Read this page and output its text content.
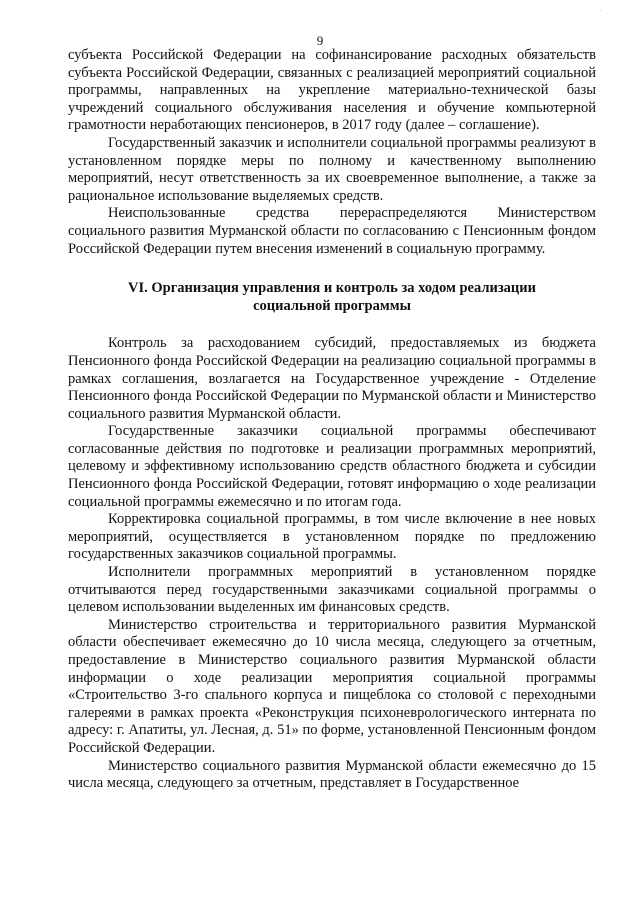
·
9

субъекта Российской Федерации на софинансирование расходных обязательств субъекта Российской Федерации, связанных с реализацией мероприятий социальной программы, направленных на укрепление материально-технической базы учреждений социального обслуживания населения и обучение компьютерной грамотности неработающих пенсионеров, в 2017 году (далее – соглашение).

Государственный заказчик и исполнители социальной программы реализуют в установленном порядке меры по полному и качественному выполнению мероприятий, несут ответственность за их своевременное выполнение, а также за рациональное использование выделяемых средств.

Неиспользованные средства перераспределяются Министерством социального развития Мурманской области по согласованию с Пенсионным фондом Российской Федерации путем внесения изменений в социальную программу.

VI. Организация управления и контроль за ходом реализации
социальной программы

Контроль за расходованием субсидий, предоставляемых из бюджета Пенсионного фонда Российской Федерации на реализацию социальной программы в рамках соглашения, возлагается на Государственное учреждение - Отделение Пенсионного фонда Российской Федерации по Мурманской области и Министерство социального развития Мурманской области.

Государственные заказчики социальной программы обеспечивают согласованные действия по подготовке и реализации программных мероприятий, целевому и эффективному использованию средств областного бюджета и субсидии Пенсионного фонда Российской Федерации, готовят информацию о ходе реализации социальной программы ежемесячно и по итогам года.

Корректировка социальной программы, в том числе включение в нее новых мероприятий, осуществляется в установленном порядке по предложению государственных заказчиков социальной программы.

Исполнители программных мероприятий в установленном порядке отчитываются перед государственными заказчиками социальной программы о целевом использовании выделенных им финансовых средств.

Министерство строительства и территориального развития Мурманской области обеспечивает ежемесячно до 10 числа месяца, следующего за отчетным, предоставление в Министерство социального развития Мурманской области информации о ходе реализации мероприятия социальной программы «Строительство 3-го спального корпуса и пищеблока со столовой с переходными галереями в рамках проекта «Реконструкция психоневрологического интерната по адресу: г. Апатиты, ул. Лесная, д. 51» по форме, установленной Пенсионным фондом Российской Федерации.

Министерство социального развития Мурманской области ежемесячно до 15 числа месяца, следующего за отчетным, представляет в Государственное
